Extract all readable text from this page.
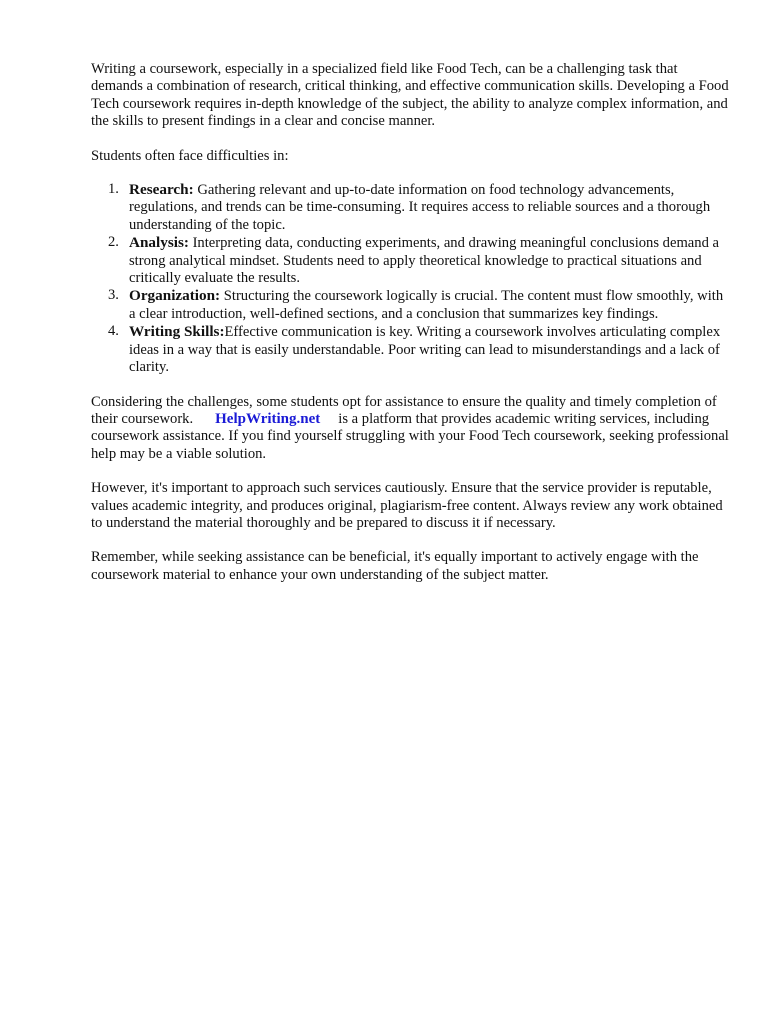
Writing a coursework, especially in a specialized field like Food Tech, can be a challenging task that demands a combination of research, critical thinking, and effective communication skills. Developing a Food Tech coursework requires in-depth knowledge of the subject, the ability to analyze complex information, and the skills to present findings in a clear and concise manner.

Students often face difficulties in:

1. Research: Gathering relevant and up-to-date information on food technology advancements, regulations, and trends can be time-consuming. It requires access to reliable sources and a thorough understanding of the topic.
2. Analysis: Interpreting data, conducting experiments, and drawing meaningful conclusions demand a strong analytical mindset. Students need to apply theoretical knowledge to practical situations and critically evaluate the results.
3. Organization: Structuring the coursework logically is crucial. The content must flow smoothly, with a clear introduction, well-defined sections, and a conclusion that summarizes key findings.
4. Writing Skills:Effective communication is key. Writing a coursework involves articulating complex ideas in a way that is easily understandable. Poor writing can lead to misunderstandings and a lack of clarity.

Considering the challenges, some students opt for assistance to ensure the quality and timely completion of their coursework. HelpWriting.net is a platform that provides academic writing services, including coursework assistance. If you find yourself struggling with your Food Tech coursework, seeking professional help may be a viable solution.

However, it's important to approach such services cautiously. Ensure that the service provider is reputable, values academic integrity, and produces original, plagiarism-free content. Always review any work obtained to understand the material thoroughly and be prepared to discuss it if necessary.

Remember, while seeking assistance can be beneficial, it's equally important to actively engage with the coursework material to enhance your own understanding of the subject matter.
